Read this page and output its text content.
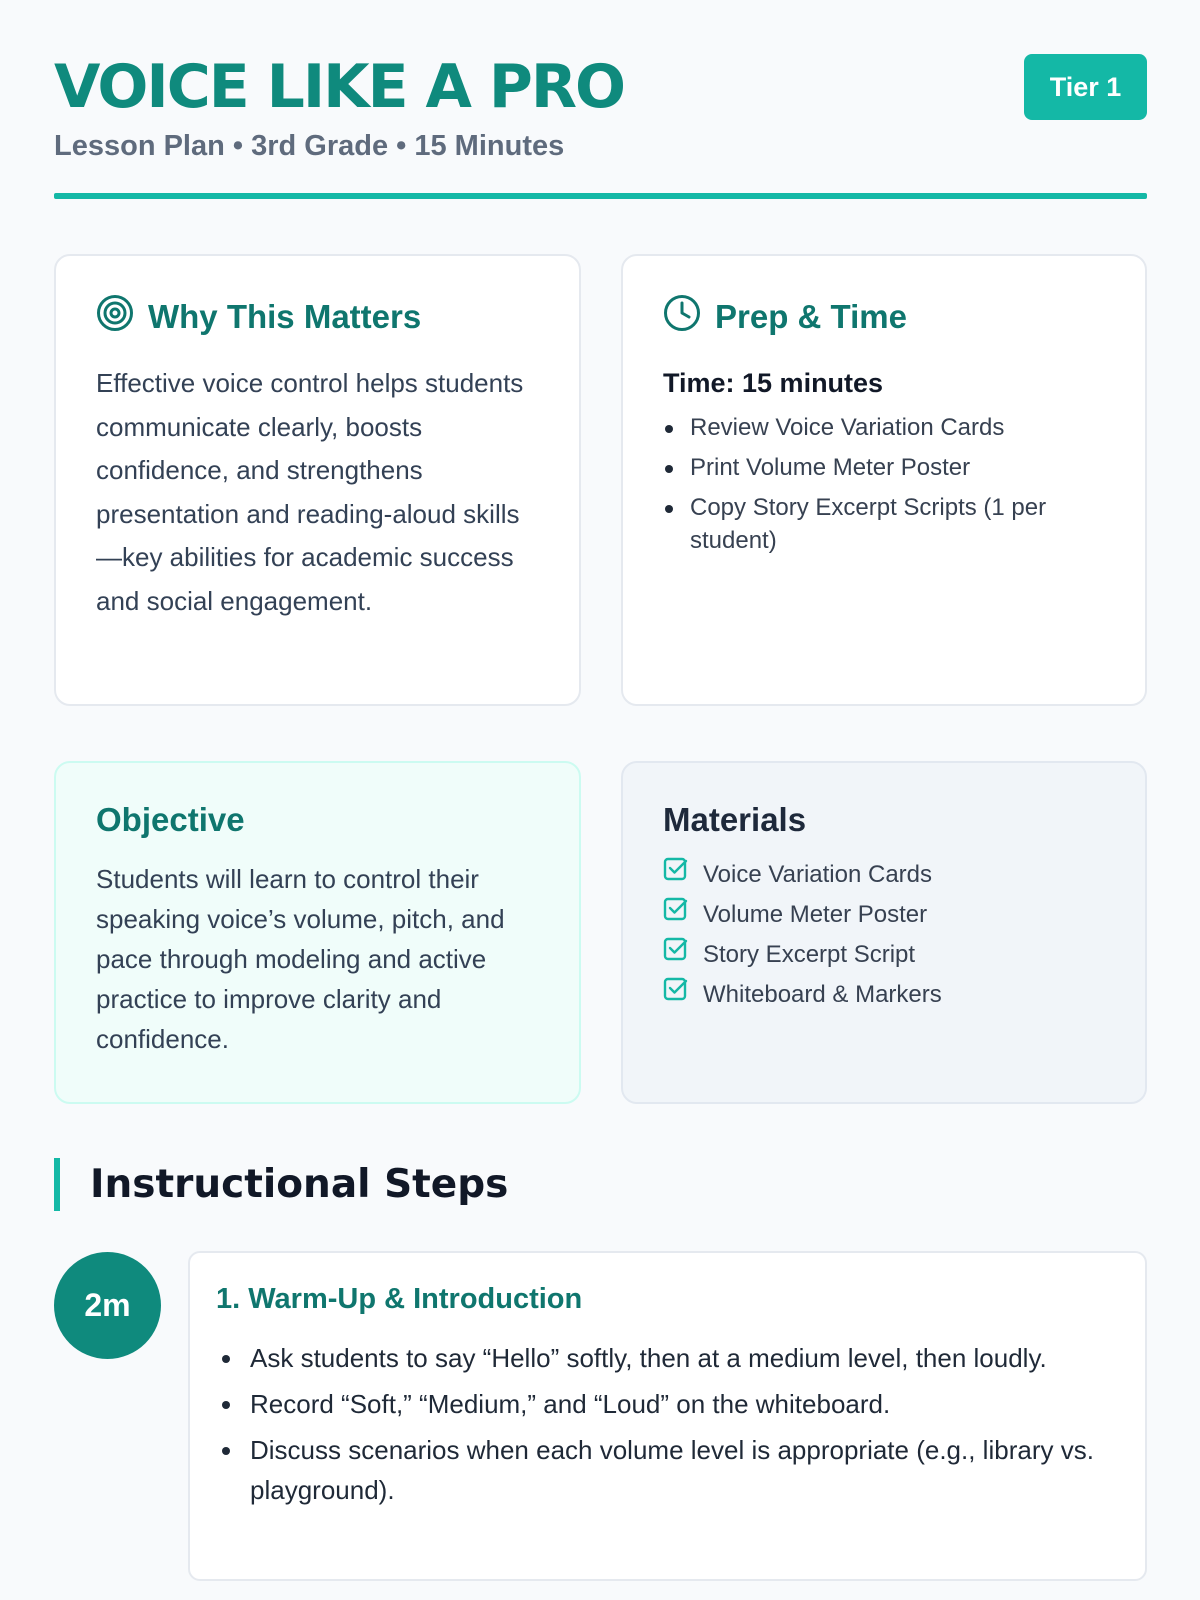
VOICE LIKE A PRO
Lesson Plan • 3rd Grade • 15 Minutes
Tier 1
Why This Matters

Effective voice control helps students communicate clearly, boosts confidence, and strengthens presentation and reading-aloud skills—key abilities for academic success and social engagement.

Prep & Time
Time: 15 minutes
Review Voice Variation Cards
Print Volume Meter Poster
Copy Story Excerpt Scripts (1 per student)
Objective

Students will learn to control their speaking voice’s volume, pitch, and pace through modeling and active practice to improve clarity and confidence.

Materials
Voice Variation Cards
Volume Meter Poster
Story Excerpt Script
Whiteboard & Markers
Instructional Steps
2m	1. Warm-Up & Introduction
Ask students to say “Hello” softly, then at a medium level, then loudly.
Record “Soft,” “Medium,” and “Loud” on the whiteboard.
Discuss scenarios when each volume level is appropriate (e.g., library vs. playground).
